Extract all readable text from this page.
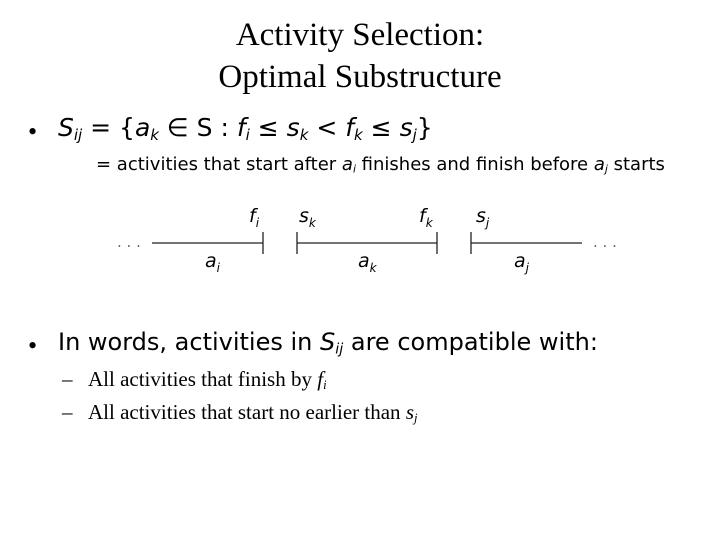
Activity Selection:
Optimal Substructure
• $S_{ij} = \{a_k$ ∈ S : $f_i \le s_k < f_k \le s_j$}
= activities that start after $a_i$ finishes and finish before $a_j$ starts
. . .	. . .
$f_i$ $s_k$	$f_k$ $s_j$
$a_i$	$a_k$	$a_j$
• In words, activities in $S_{ij}$ are compatible with:
– All activities that finish by $f_i$
– All activities that start no earlier than $s_j$
